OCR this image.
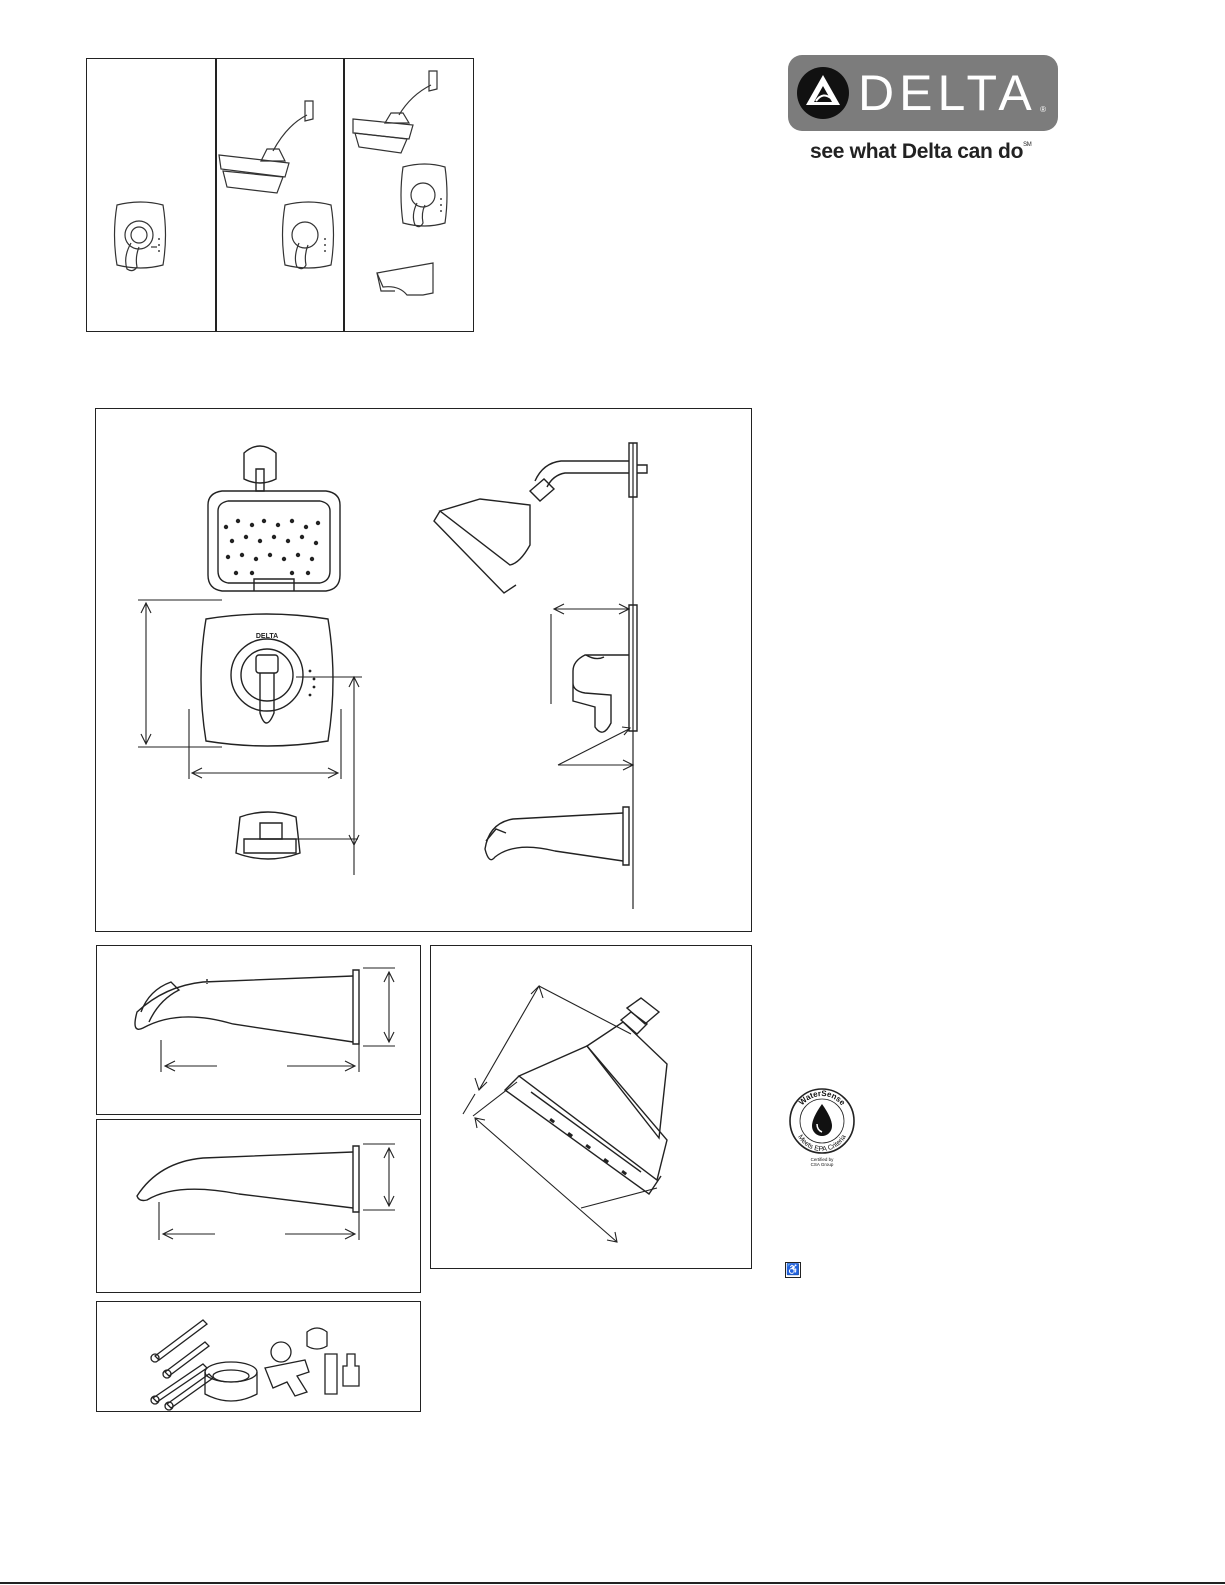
DELTA ®
see what Delta can do℠
DELTA
WaterSense
Meets EPA Criteria
Certified by
CSA Group
♿
